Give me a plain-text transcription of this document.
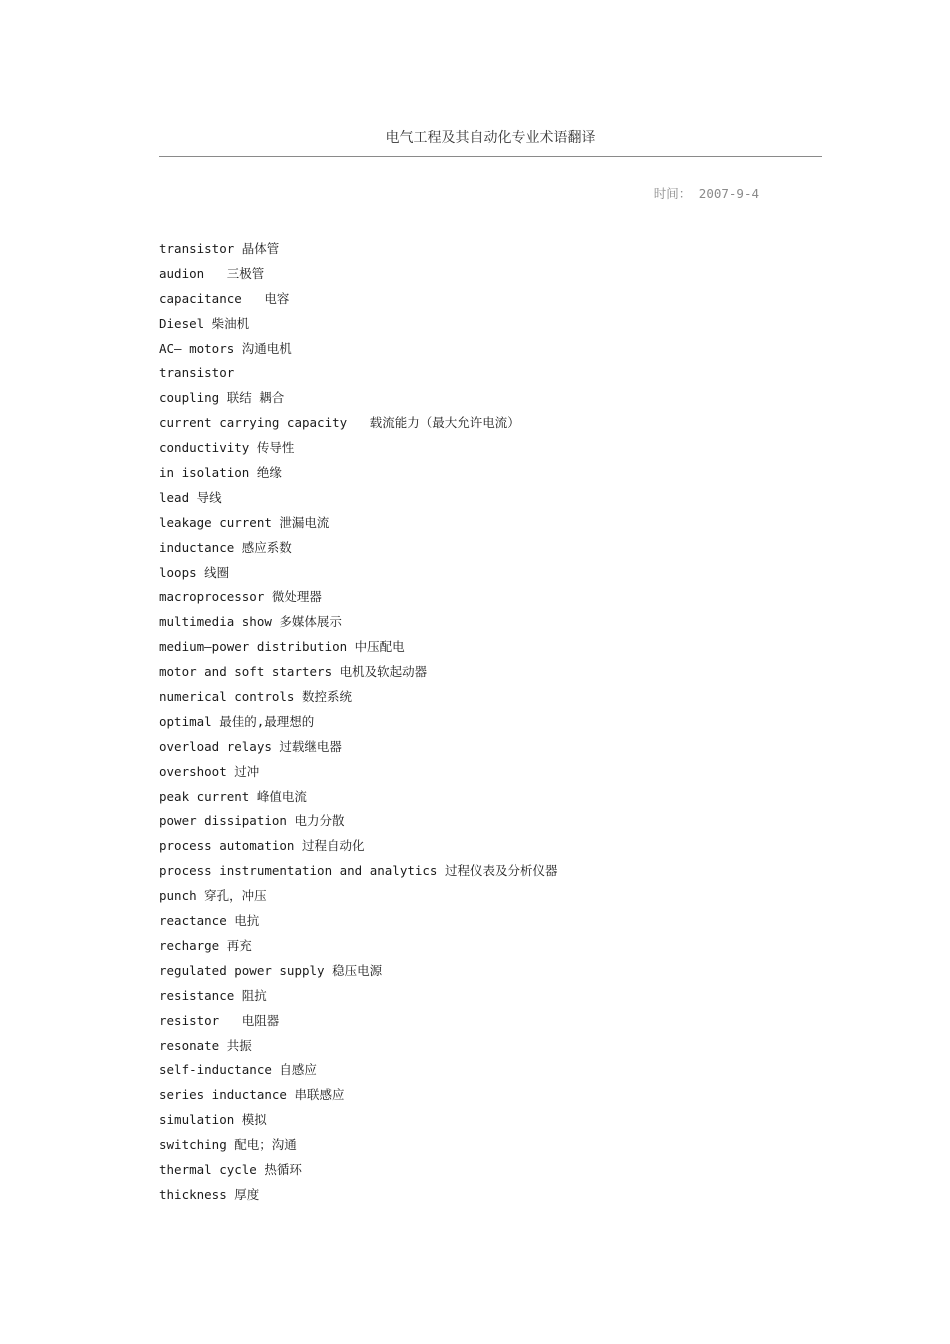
电气工程及其自动化专业术语翻译
时间： 2007-9-4
transistor 晶体管
audion   三极管
capacitance   电容
Diesel 柴油机
AC— motors 沟通电机
transistor
coupling 联结 耦合
current carrying capacity   载流能力（最大允许电流）
conductivity 传导性
in isolation 绝缘
lead 导线
leakage current 泄漏电流
inductance 感应系数
loops 线圈
macroprocessor 微处理器
multimedia show 多媒体展示
medium—power distribution 中压配电
motor and soft starters 电机及软起动器
numerical controls 数控系统
optimal 最佳的,最理想的
overload relays 过载继电器
overshoot 过冲
peak current 峰值电流
power dissipation 电力分散
process automation 过程自动化
process instrumentation and analytics 过程仪表及分析仪器
punch 穿孔，冲压
reactance 电抗
recharge 再充
regulated power supply 稳压电源
resistance 阻抗
resistor   电阻器
resonate 共振
self-inductance 自感应
series inductance 串联感应
simulation 模拟
switching 配电；沟通
thermal cycle 热循环
thickness 厚度
